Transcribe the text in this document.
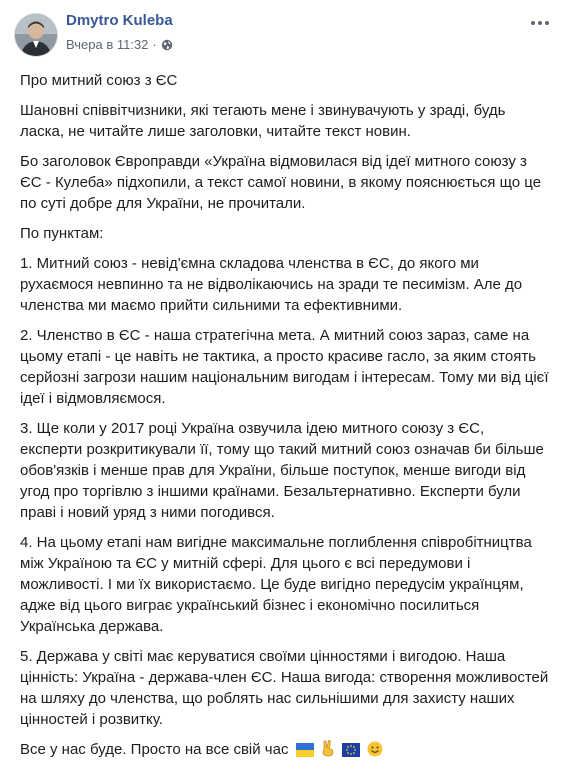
Dmytro Kuleba
Вчера в 11:32 ·

Про митний союз з ЄС

Шановні співвітчизники, які тегають мене і звинувачують у зраді, будь ласка, не читайте лише заголовки, читайте текст новин.

Бо заголовок Європравди «Україна відмовилася від ідеї митного союзу з ЄС - Кулеба» підхопили, а текст самої новини, в якому пояснюється що це по суті добре для України, не прочитали.

По пунктам:

1. Митний союз - невід'ємна складова членства в ЄС, до якого ми рухаємося невпинно та не відволікаючись на зради те песимізм. Але до членства ми маємо прийти сильними та ефективними.

2. Членство в ЄС - наша стратегічна мета. А митний союз зараз, саме на цьому етапі - це навіть не тактика, а просто красиве гасло, за яким стоять серйозні загрози нашим національним вигодам і інтересам. Тому ми від цієї ідеї і відмовляємося.

3. Ще коли у 2017 році Україна озвучила ідею митного союзу з ЄС, експерти розкритикували її, тому що такий митний союз означав би більше обов'язків і менше прав для України, більше поступок, менше вигоди від угод про торгівлю з іншими країнами. Безальтернативно. Експерти були праві і новий уряд з ними погодився.

4. На цьому етапі нам вигідне максимальне поглиблення співробітництва між Україною та ЄС у митній сфері. Для цього є всі передумови і можливості. І ми їх використаємо. Це буде вигідно передусім українцям, адже від цього виграє український бізнес і економічно посилиться Українська держава.

5. Держава у світі має керуватися своїми цінностями і вигодою. Наша цінність: Україна - держава-член ЄС. Наша вигода: створення можливостей на шляху до членства, що роблять нас сильнішими для захисту наших цінностей і розвитку.

Все у нас буде. Просто на все свій час
